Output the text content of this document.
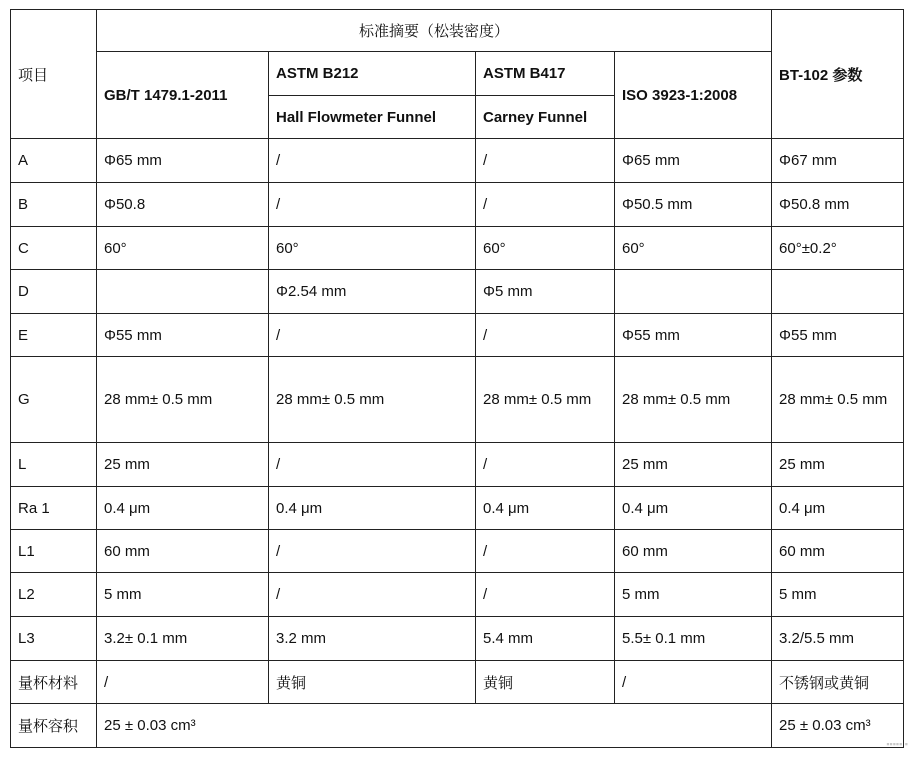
项目	标准摘要（松装密度）				BT-102 参数
	GB/T 1479.1-2011	ASTM B212	ASTM B417	ISO 3923-1:2008	
		Hall Flowmeter Funnel	Carney Funnel		
A	Φ65 mm	/	/	Φ65 mm	Φ67 mm
B	Φ50.8	/	/	Φ50.5 mm	Φ50.8 mm
C	60°	60°	60°	60°	60°±0.2°
D		Φ2.54 mm	Φ5 mm		
E	Φ55 mm	/	/	Φ55 mm	Φ55 mm
G	28 mm± 0.5 mm	28 mm± 0.5 mm	28 mm± 0.5 mm	28 mm± 0.5 mm	28 mm± 0.5 mm
L	25 mm	/	/	25 mm	25 mm
Ra 1	0.4 μm	0.4 μm	0.4 μm	0.4 μm	0.4 μm
L1	60 mm	/	/	60 mm	60 mm
L2	5 mm	/	/	5 mm	5 mm
L3	3.2± 0.1 mm	3.2 mm	5.4 mm	5.5± 0.1 mm	3.2/5.5 mm
量杯材料	/	黄铜	黄铜	/	不锈钢或黄铜
量杯容积	25 ± 0.03 cm³				25 ± 0.03 cm³
▪▪▪▪▪ ▪
